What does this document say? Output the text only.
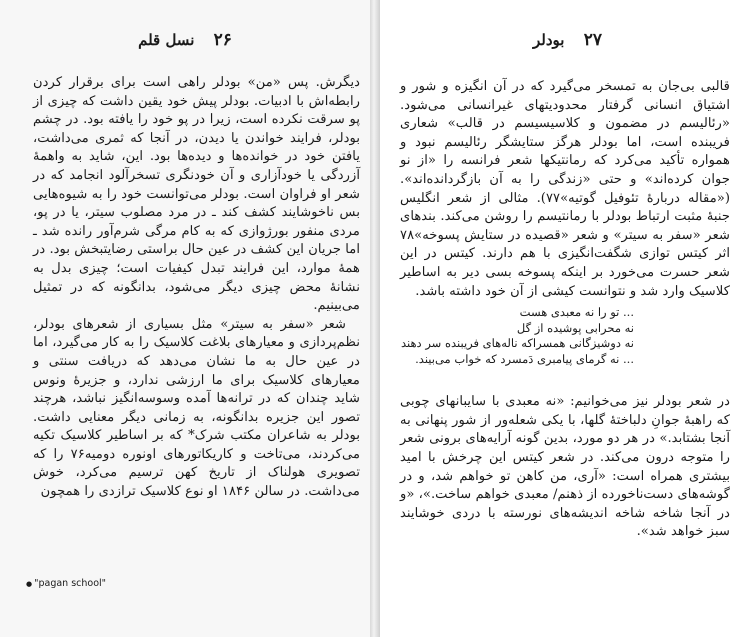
۲۶ نسل قلم

دیگرش. پس «من» بودلر راهی است برای برقرار کردن رابطه‌اش با ادبیات. بودلر پیش خود یقین داشت که چیزی از پو سرقت نکرده است، زیرا در پو خود را یافته بود. در چشم بودلر، فرایند خواندن یا دیدن، در آنجا که ثمری می‌داشت، یافتن خود در خوانده‌ها و دیده‌ها بود. این، شاید به واهمهٔ آزردگی یا خودآزاری و آن خودنگری تسخرآلود انجامد که در شعر او فراوان است. بودلر می‌توانست خود را به شیوه‌هایی بس ناخوشایند کشف کند ـ در مرد مصلوب سیتر، یا در پو، مردی منفور بورژوازی که به کام مرگی شرم‌آور رانده شد ـ اما جریان این کشف در عین حال براستی رضایتبخش بود. در همهٔ موارد، این فرایند تبدل کیفیات است؛ چیزی بدل به نشانهٔ محض چیزی دیگر می‌شود، بدانگونه که در تمثیل می‌بینیم.

شعر «سفر به سیتر» مثل بسیاری از شعرهای بودلر، نظم‌پردازی و معیارهای بلاغت کلاسیک را به کار می‌گیرد، اما در عین حال به ما نشان می‌دهد که دریافت سنتی و معیارهای کلاسیک برای ما ارزشی ندارد، و جزیرهٔ ونوس شاید چندان که در ترانه‌ها آمده وسوسه‌انگیز نباشد، هرچند تصور این جزیره بدانگونه، به زمانی دیگر معنایی داشت. بودلر به شاعران مکتب شرک* که بر اساطیر کلاسیک تکیه می‌کردند، می‌تاخت و کاریکاتورهای اونوره دومیه۷۶ را که تصویری هولناک از تاریخ کهن ترسیم می‌کرد، خوش می‌داشت. در سالن ۱۸۴۶ او نوع کلاسیک ترازدی را همچون

● "pagan school"
۲۷ بودلر

قالبی بی‌جان به تمسخر می‌گیرد که در آن انگیزه و شور و اشتیاق انسانی گرفتار محدودیتهای غیرانسانی می‌شود. «رئالیسم در مضمون و کلاسیسیسم در قالب» شعاری فریبنده است، اما بودلر هرگز ستایشگر رئالیسم نبود و همواره تأکید می‌کرد که رمانتیکها شعر فرانسه را «از نو جوان کرده‌اند» و حتی «زندگی را به آن بازگردانده‌اند». («مقاله دربارهٔ تئوفیل گوتیه»۷۷). مثالی از شعر انگلیس جنبهٔ مثبت ارتباط بودلر با رمانتیسم را روشن می‌کند. بندهای شعر «سفر به سیتر» و شعر «قصیده در ستایش پسوخه»۷۸ اثر کیتس توازی شگفت‌انگیزی با هم دارند. کیتس در این شعر حسرت می‌خورد بر اینکه پسوخه بسی دیر به اساطیر کلاسیک وارد شد و نتوانست کیشی از آن خود داشته باشد.

... تو را نه معبدی هست
نه محرابی پوشیده از گل
نه دوشیزگانی همسراکه ناله‌های فریبنده سر دهند
... نه گرمای پیامبری دَمسرد که خواب می‌بیند.

در شعر بودلر نیز می‌خوانیم: «نه معبدی با سایبانهای چوبی که راهبهٔ جوانِ دلباختهٔ گلها، با یکی شعله‌ور از شور پنهانی به آنجا بشتابد.» در هر دو مورد، بدین گونه آرایه‌های برونی شعر را متوجه درون می‌کند. در شعر کیتس این چرخش با امید بیشتری همراه است: «آری، من کاهن تو خواهم شد، و در گوشه‌های دست‌ناخورده از ذهنم/ معبدی خواهم ساخت.»، «و در آنجا شاخه شاخه اندیشه‌های نورسته با دردی خوشایند سبز خواهد شد».
